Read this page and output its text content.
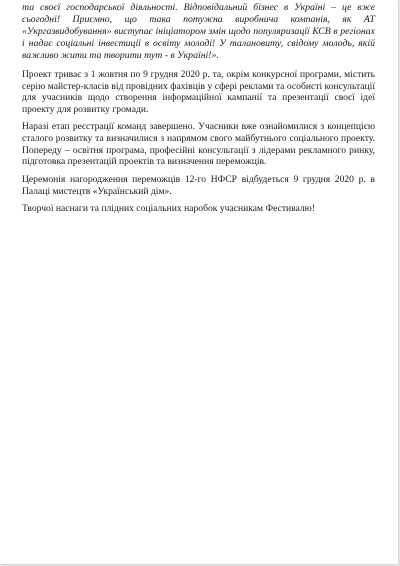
та своєї господарської діяльності. Відповідальний бізнес в Україні – це вже сьогодні! Приємно, що така потужна виробнича компанія, як АТ «Укргазвидобування» виступає ініціатором змін щодо популяризації КСВ в регіонах і надає соціальні інвестиції в освіту молоді! У талановиту, свідому молодь, якій важливо жити та творити тут - в Україні!».

Проект триває з 1 жовтня по 9 грудня 2020 р. та, окрім конкурсної програми, містить серію майстер-класів від провідних фахівців у сфері реклами та особисті консультації для учасників щодо створення інформаційної кампанії та презентації своєї ідеї проекту для розвитку громади.

Наразі етап реєстрації команд завершено. Учасники вже ознайомилися з концепцією сталого розвитку та визначилися з напрямом свого майбутнього соціального проекту. Попереду – освітня програма, професійні консультації з лідерами рекламного ринку, підготовка презентацій проектів та визначення переможців.

Церемонія нагородження переможців 12-го НФСР відбудеться 9 грудня 2020 р. в Палаці мистецтв «Український дім».

Творчої наснаги та плідних соціальних наробок учасникам Фестивалю!
